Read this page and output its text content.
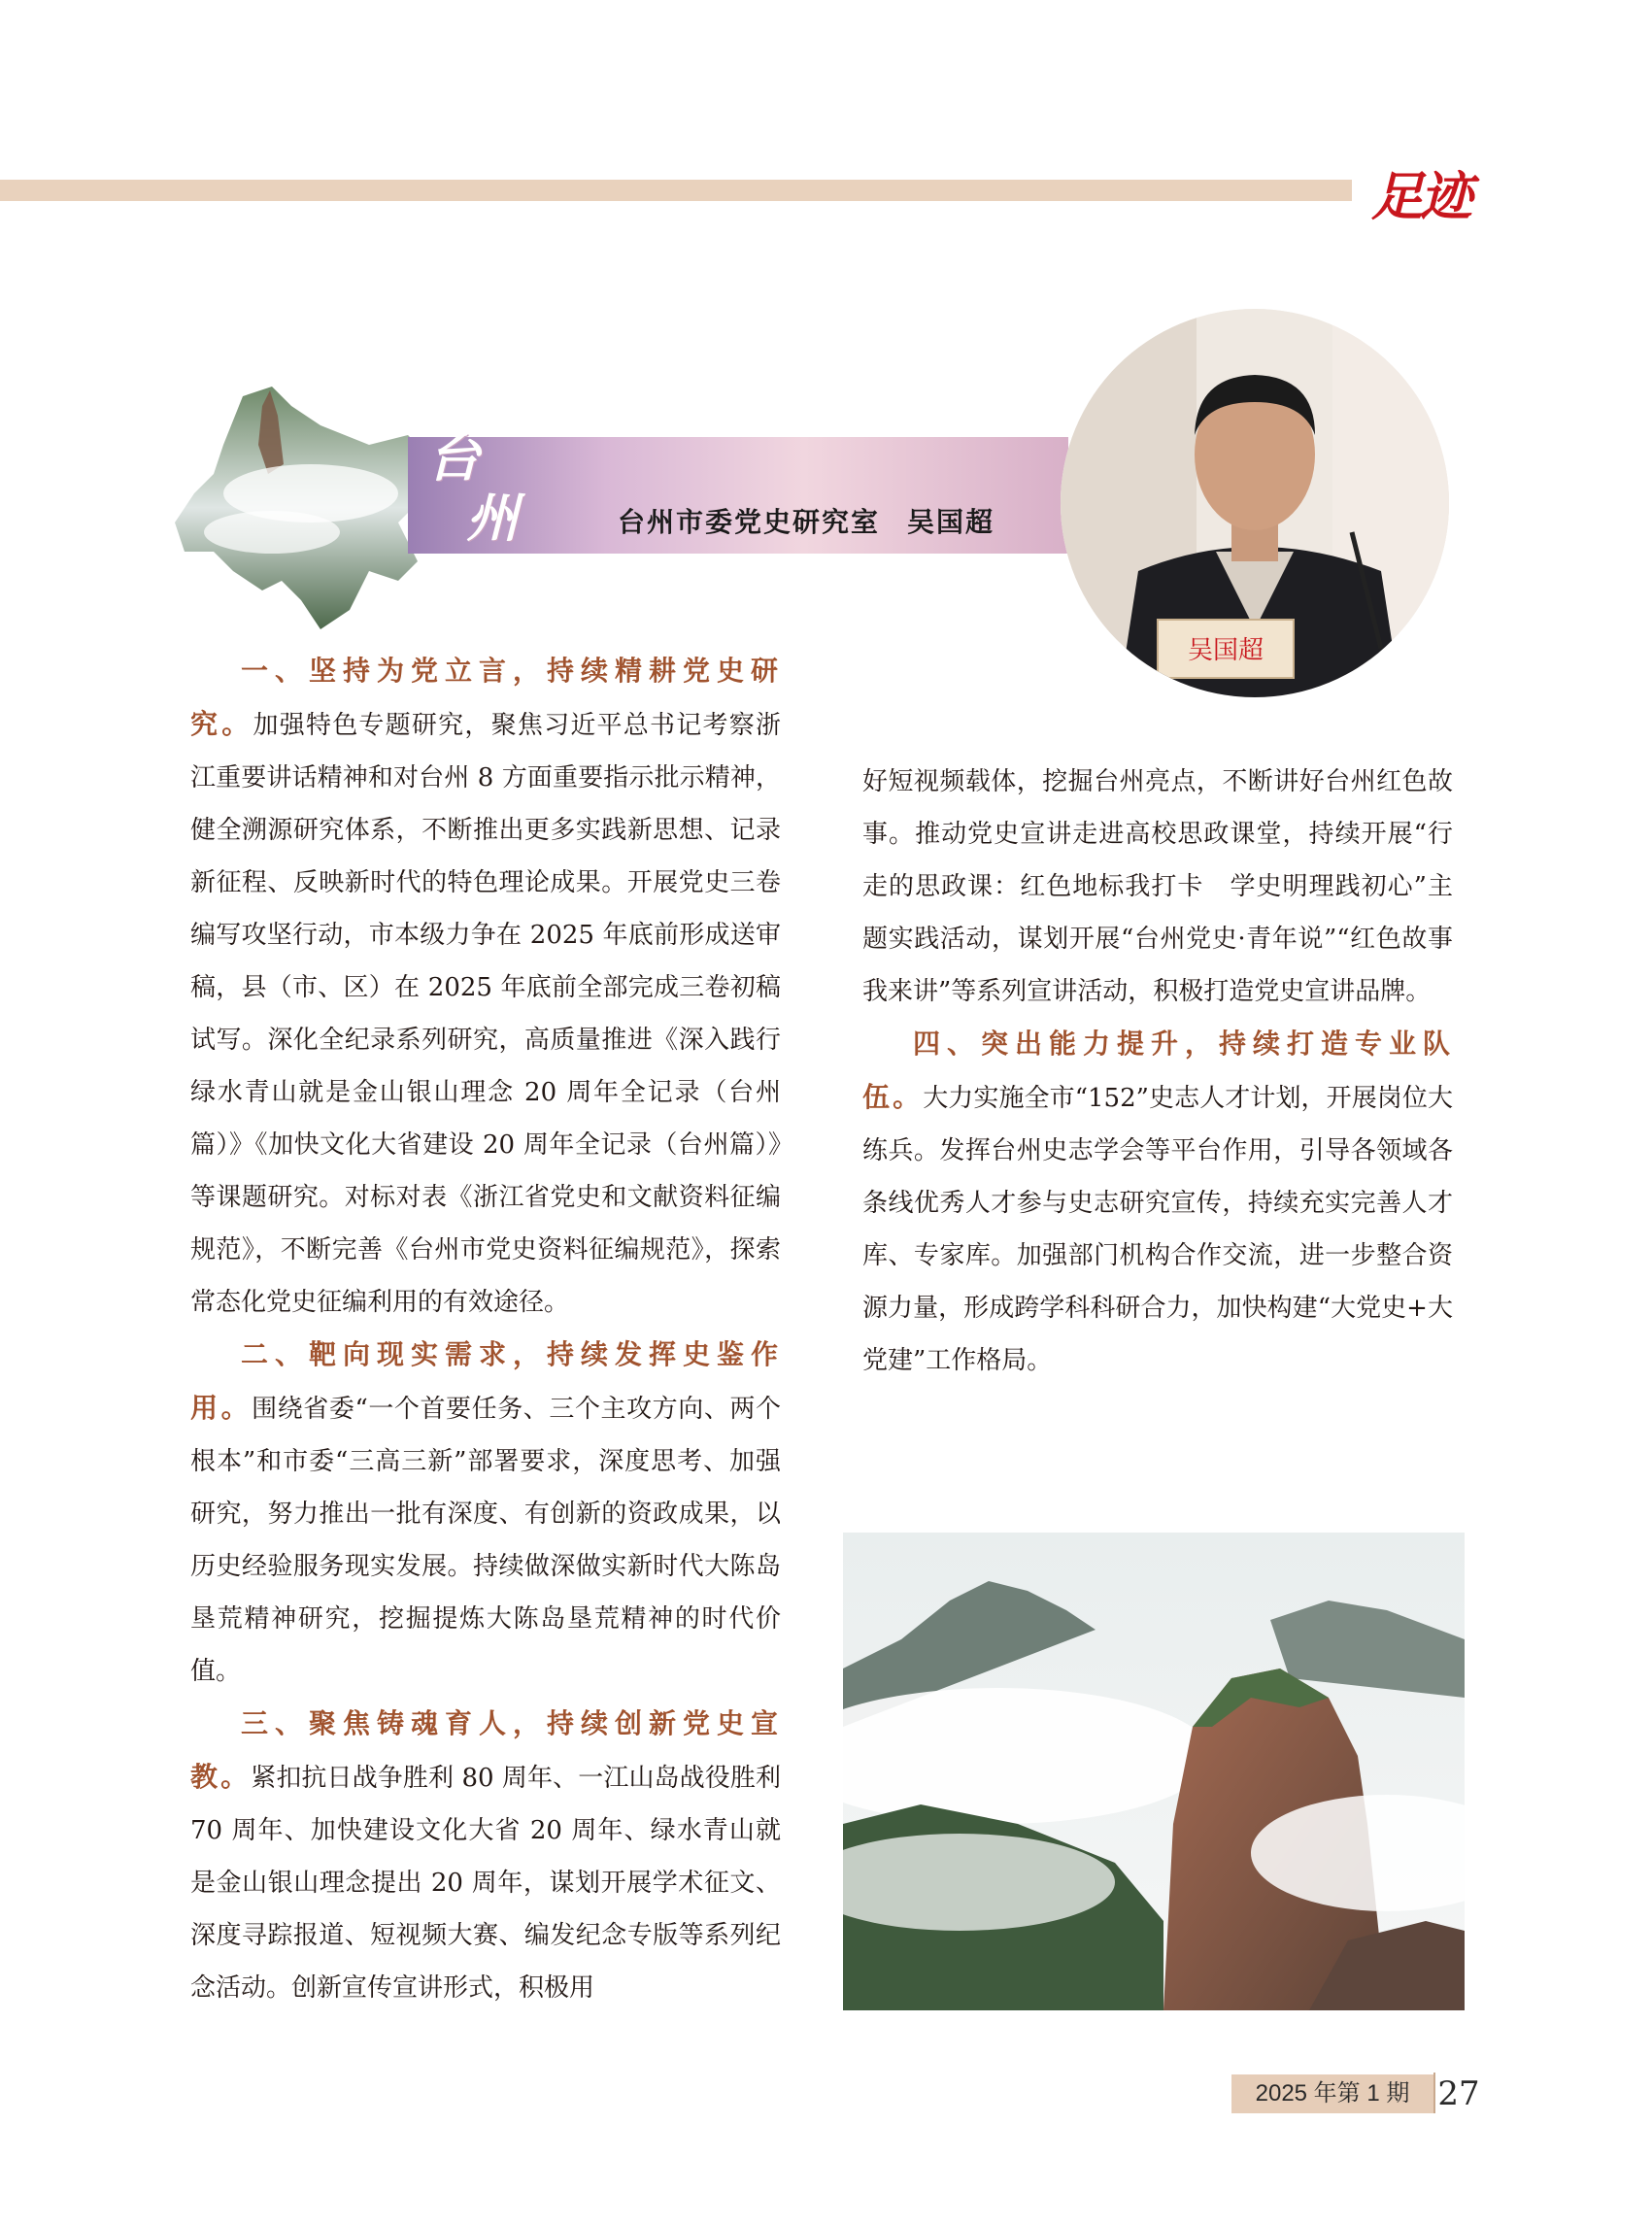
足迹
台
州	台州市委党史研究室 吴国超
吴国超

一、坚持为党立言，持续精耕党史研究。加强特色专题研究，聚焦习近平总书记考察浙江重要讲话精神和对台州 8 方面重要指示批示精神，健全溯源研究体系，不断推出更多实践新思想、记录新征程、反映新时代的特色理论成果。开展党史三卷编写攻坚行动，市本级力争在 2025 年底前形成送审稿，县（市、区）在 2025 年底前全部完成三卷初稿试写。深化全纪录系列研究，高质量推进《深入践行绿水青山就是金山银山理念 20 周年全记录（台州篇）》《加快文化大省建设 20 周年全记录（台州篇）》等课题研究。对标对表《浙江省党史和文献资料征编规范》，不断完善《台州市党史资料征编规范》，探索常态化党史征编利用的有效途径。

二、靶向现实需求，持续发挥史鉴作用。围绕省委“一个首要任务、三个主攻方向、两个根本”和市委“三高三新”部署要求，深度思考、加强研究，努力推出一批有深度、有创新的资政成果，以历史经验服务现实发展。持续做深做实新时代大陈岛垦荒精神研究，挖掘提炼大陈岛垦荒精神的时代价值。

三、聚焦铸魂育人，持续创新党史宣教。紧扣抗日战争胜利 80 周年、一江山岛战役胜利 70 周年、加快建设文化大省 20 周年、绿水青山就是金山银山理念提出 20 周年，谋划开展学术征文、深度寻踪报道、短视频大赛、编发纪念专版等系列纪念活动。创新宣传宣讲形式，积极用

好短视频载体，挖掘台州亮点，不断讲好台州红色故事。推动党史宣讲走进高校思政课堂，持续开展“行走的思政课：红色地标我打卡　学史明理践初心”主题实践活动，谋划开展“台州党史·青年说”“红色故事我来讲”等系列宣讲活动，积极打造党史宣讲品牌。

四、突出能力提升，持续打造专业队伍。大力实施全市“152”史志人才计划，开展岗位大练兵。发挥台州史志学会等平台作用，引导各领域各条线优秀人才参与史志研究宣传，持续充实完善人才库、专家库。加强部门机构合作交流，进一步整合资源力量，形成跨学科科研合力，加快构建“大党史+大党建”工作格局。

2025 年第 1 期 27
